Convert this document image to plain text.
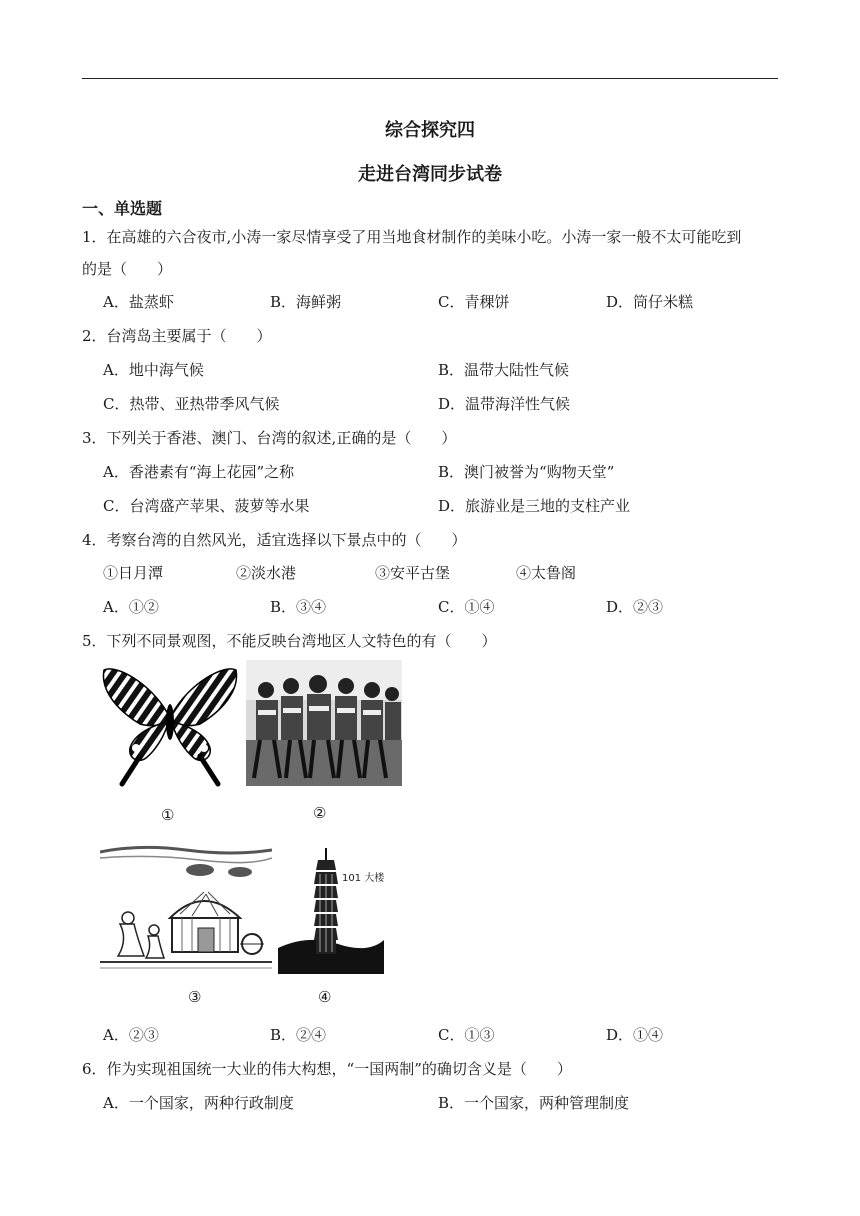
综合探究四
走进台湾同步试卷
一、单选题
1．在高雄的六合夜市,小涛一家尽情享受了用当地食材制作的美味小吃。小涛一家一般不太可能吃到
的是（　　）
A．盐蒸虾	B．海鲜粥	C．青稞饼	D．筒仔米糕
2．台湾岛主要属于（　　）
A．地中海气候	B．温带大陆性气候
C．热带、亚热带季风气候	D．温带海洋性气候
3．下列关于香港、澳门、台湾的叙述,正确的是（　　）
A．香港素有“海上花园”之称	B．澳门被誉为“购物天堂”
C．台湾盛产苹果、菠萝等水果	D．旅游业是三地的支柱产业
4．考察台湾的自然风光，适宜选择以下景点中的（　　）
①日月潭	②淡水港	③安平古堡	④太鲁阁
A．①②	B．③④	C．①④	D．②③
5．下列不同景观图，不能反映台湾地区人文特色的有（　　）
①	②
101 大楼
③	④
A．②③	B．②④	C．①③	D．①④
6．作为实现祖国统一大业的伟大构想，“一国两制”的确切含义是（　　）
A．一个国家，两种行政制度	B．一个国家，两种管理制度
